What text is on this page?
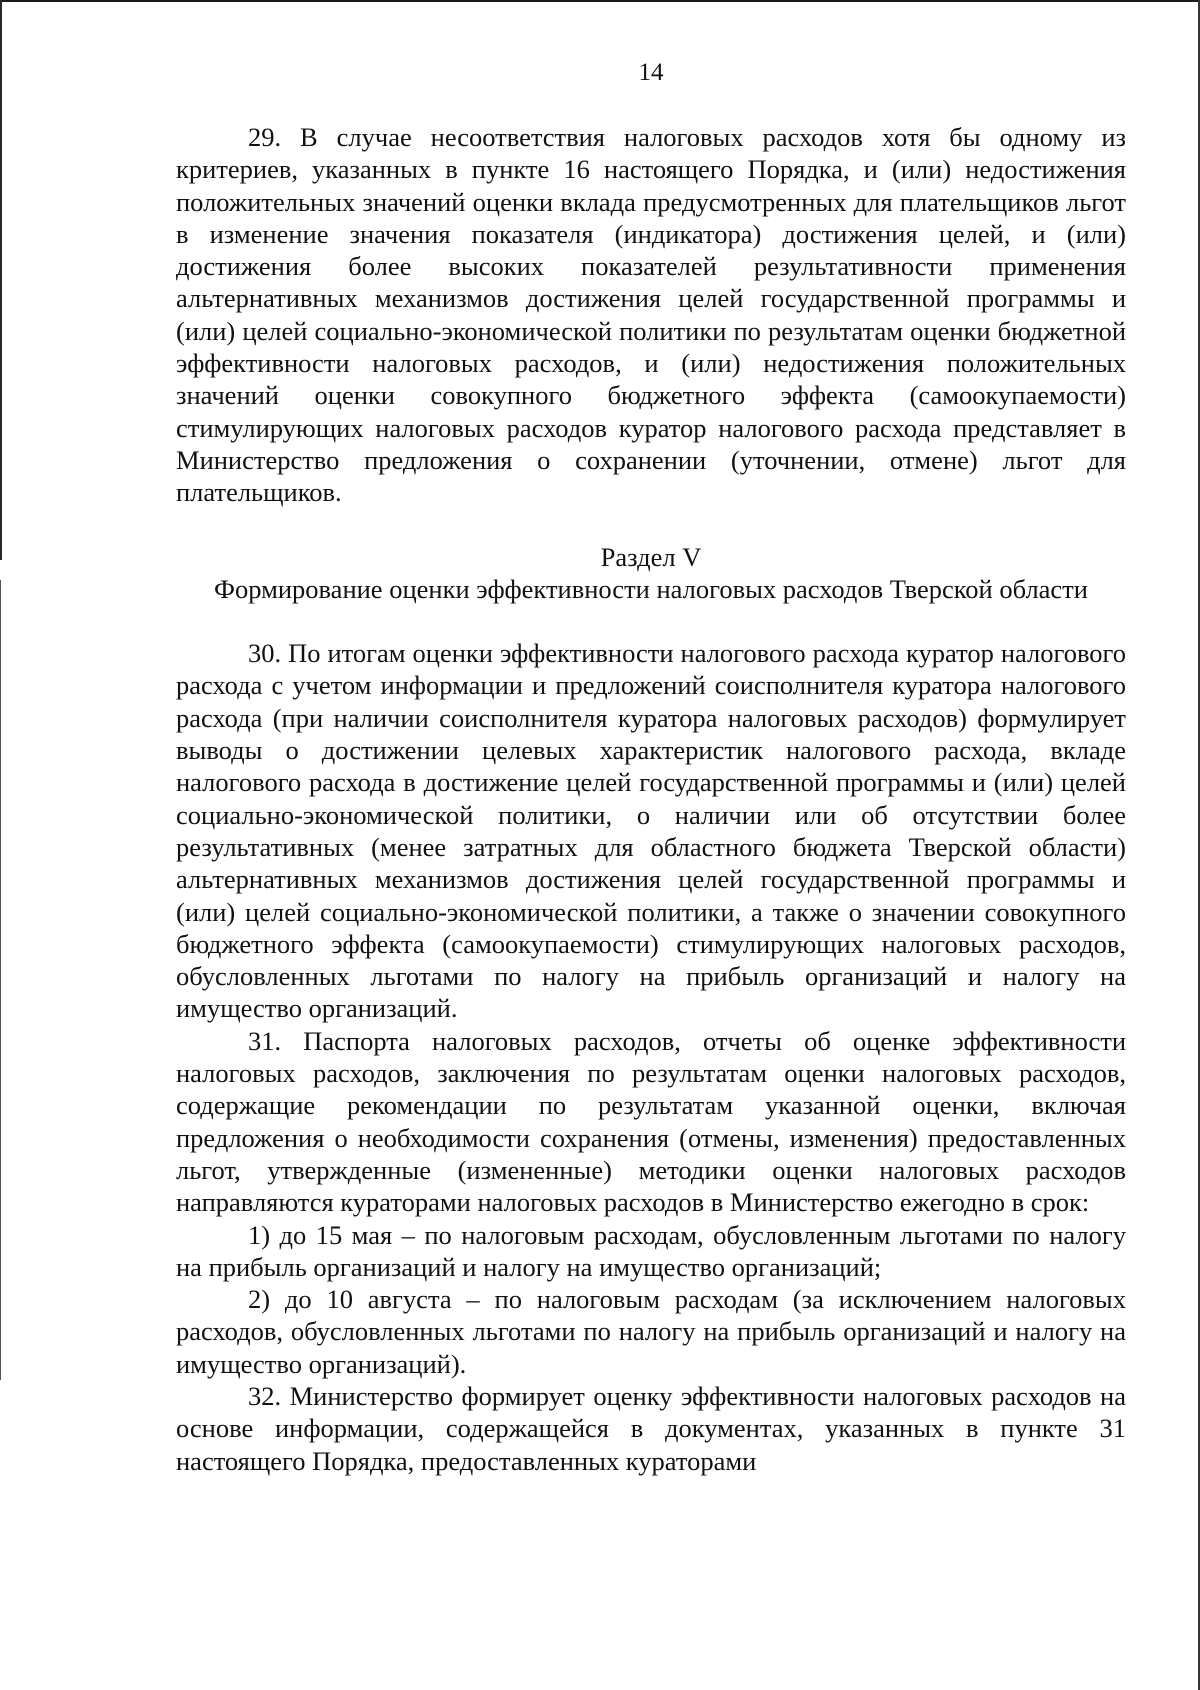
14

29. В случае несоответствия налоговых расходов хотя бы одному из критериев, указанных в пункте 16 настоящего Порядка, и (или) недостижения положительных значений оценки вклада предусмотренных для плательщиков льгот в изменение значения показателя (индикатора) достижения целей, и (или) достижения более высоких показателей результативности применения альтернативных механизмов достижения целей государственной программы и (или) целей социально-экономической политики по результатам оценки бюджетной эффективности налоговых расходов, и (или) недостижения положительных значений оценки совокупного бюджетного эффекта (самоокупаемости) стимулирующих налоговых расходов куратор налогового расхода представляет в Министерство предложения о сохранении (уточнении, отмене) льгот для плательщиков.

Раздел V
Формирование оценки эффективности налоговых расходов Тверской области

30. По итогам оценки эффективности налогового расхода куратор налогового расхода с учетом информации и предложений соисполнителя куратора налогового расхода (при наличии соисполнителя куратора налоговых расходов) формулирует выводы о достижении целевых характеристик налогового расхода, вкладе налогового расхода в достижение целей государственной программы и (или) целей социально-экономической политики, о наличии или об отсутствии более результативных (менее затратных для областного бюджета Тверской области) альтернативных механизмов достижения целей государственной программы и (или) целей социально-экономической политики, а также о значении совокупного бюджетного эффекта (самоокупаемости) стимулирующих налоговых расходов, обусловленных льготами по налогу на прибыль организаций и налогу на имущество организаций.

31. Паспорта налоговых расходов, отчеты об оценке эффективности налоговых расходов, заключения по результатам оценки налоговых расходов, содержащие рекомендации по результатам указанной оценки, включая предложения о необходимости сохранения (отмены, изменения) предоставленных льгот, утвержденные (измененные) методики оценки налоговых расходов направляются кураторами налоговых расходов в Министерство ежегодно в срок:

1) до 15 мая – по налоговым расходам, обусловленным льготами по налогу на прибыль организаций и налогу на имущество организаций;

2) до 10 августа – по налоговым расходам (за исключением налоговых расходов, обусловленных льготами по налогу на прибыль организаций и налогу на имущество организаций).

32. Министерство формирует оценку эффективности налоговых расходов на основе информации, содержащейся в документах, указанных в пункте 31 настоящего Порядка, предоставленных кураторами
